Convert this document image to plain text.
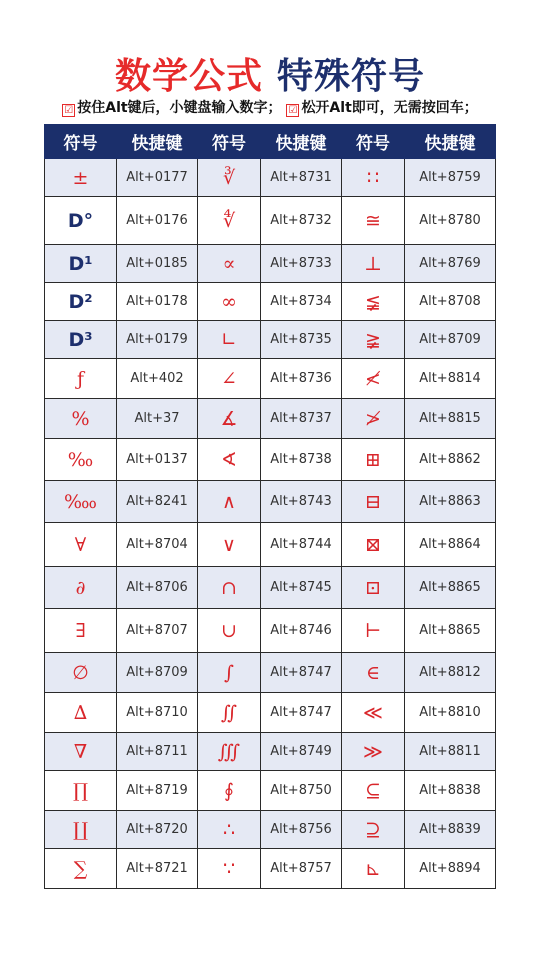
数学公式 特殊符号
☑ 按住Alt键后，小键盘输入数字； ☑ 松开Alt即可，无需按回车；
符号	快捷键	符号	快捷键	符号	快捷键
±	Alt+0177	∛	Alt+8731	∷	Alt+8759
D°	Alt+0176	∜	Alt+8732	≅	Alt+8780
D¹	Alt+0185	∝	Alt+8733	⊥	Alt+8769
D²	Alt+0178	∞	Alt+8734	≨	Alt+8708
D³	Alt+0179	∟	Alt+8735	≩	Alt+8709
ƒ	Alt+402	∠	Alt+8736	≮	Alt+8814
%	Alt+37	∡	Alt+8737	≯	Alt+8815
‰	Alt+0137	∢	Alt+8738	⊞	Alt+8862
‱	Alt+8241	∧	Alt+8743	⊟	Alt+8863
∀	Alt+8704	∨	Alt+8744	⊠	Alt+8864
∂	Alt+8706	∩	Alt+8745	⊡	Alt+8865
∃	Alt+8707	∪	Alt+8746	⊢	Alt+8865
∅	Alt+8709	∫	Alt+8747	∈	Alt+8812
∆	Alt+8710	∬	Alt+8747	≪	Alt+8810
∇	Alt+8711	∭	Alt+8749	≫	Alt+8811
∏	Alt+8719	∮	Alt+8750	⊆	Alt+8838
∐	Alt+8720	∴	Alt+8756	⊇	Alt+8839
∑	Alt+8721	∵	Alt+8757	⊾	Alt+8894
